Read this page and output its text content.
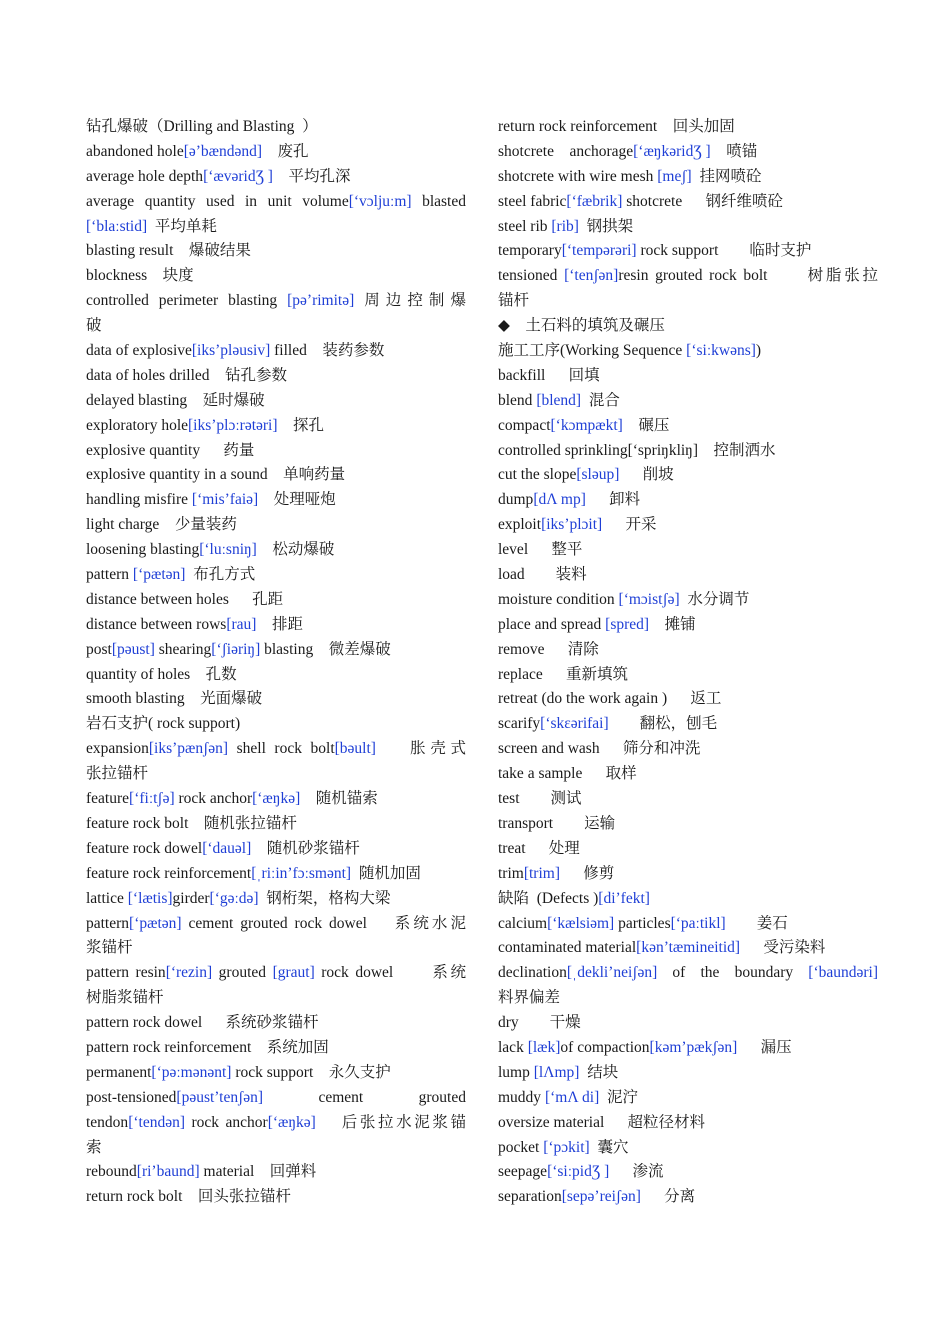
钻孔爆破（Drilling and Blasting  ）
abandoned hole[ə’bændənd]    废孔
average hole depth[‘ævəridƷ ]    平均孔深
average quantity used in unit volume[‘vɔljuːm] blasted
[‘blaːstid]  平均单耗
blasting result    爆破结果
blockness    块度
controlled perimeter blasting [pə’rimitə] 周边控制爆
破
data of explosive[iks’pləusiv] filled    装药参数
data of holes drilled    钻孔参数
delayed blasting    延时爆破
exploratory hole[iks’plɔːrətəri]    探孔
explosive quantity      药量
explosive quantity in a sound    单响药量
handling misfire [‘mis’faiə]    处理哑炮
light charge    少量装药
loosening blasting[‘luːsniŋ]    松动爆破
pattern [‘pætən]  布孔方式
distance between holes      孔距
distance between rows[rau]    排距
post[pəust] shearing[‘ʃiəriŋ] blasting    微差爆破
quantity of holes    孔数
smooth blasting    光面爆破
岩石支护( rock support)
expansion[iks’pænʃən] shell rock bolt[bəult]    胀壳式
张拉锚杆
feature[‘fiːtʃə] rock anchor[‘æŋkə]    随机锚索
feature rock bolt    随机张拉锚杆
feature rock dowel[‘dauəl]    随机砂浆锚杆
feature rock reinforcement[ˌriːin’fɔːsmənt]  随机加固
lattice [‘lætis]girder[‘gəːdə]  钢桁架，格构大梁
pattern[‘pætən] cement grouted rock dowel    系统水泥
浆锚杆
pattern resin[‘rezin] grouted [graut] rock dowel      系统
树脂浆锚杆
pattern rock dowel      系统砂浆锚杆
pattern rock reinforcement    系统加固
permanent[‘pəːmənənt] rock support    永久支护
post-tensioned[pəust’tenʃən]          cement          grouted
tendon[‘tendən] rock anchor[‘æŋkə]    后张拉水泥浆锚
索
rebound[ri’baund] material    回弹料
return rock bolt    回头张拉锚杆
return rock reinforcement    回头加固
shotcrete    anchorage[‘æŋkəridƷ ]    喷锚
shotcrete with wire mesh [meʃ]  挂网喷砼
steel fabric[‘fæbrik] shotcrete      钢纤维喷砼
steel rib [rib]  钢拱架
temporary[‘tempərəri] rock support        临时支护
tensioned [‘tenʃən]resin grouted rock bolt      树脂张拉
锚杆
◆    土石料的填筑及碾压
施工工序(Working Sequence [‘siːkwəns])
backfill      回填
blend [blend]  混合
compact[‘kɔmpækt]    碾压
controlled sprinkling[‘spriŋkliŋ]    控制洒水
cut the slope[sləup]      削坡
dump[dΛ mp]      卸料
exploit[iks’plɔit]      开采
level      整平
load        装料
moisture condition [‘mɔistʃə]  水分调节
place and spread [spred]    摊铺
remove      清除
replace      重新填筑
retreat (do the work again )      返工
scarify[‘skεərifai]        翻松，刨毛
screen and wash      筛分和冲洗
take a sample      取样
test        测试
transport        运输
treat      处理
trim[trim]      修剪
缺陷  (Defects )[di’fekt]
calcium[‘kælsiəm] particles[‘paːtikl]        姜石
contaminated material[kən’tæmineitid]      受污染料
declination[ˌdekli’neiʃən]  of  the  boundary  [‘baundəri]
料界偏差
dry        干燥
lack [læk]of compaction[kəm’pækʃən]      漏压
lump [lΛmp]  结块
muddy [‘mΛ di]  泥泞
oversize material      超粒径材料
pocket [‘pɔkit]  囊穴
seepage[‘siːpidƷ ]      渗流
separation[sepə’reiʃən]      分离
